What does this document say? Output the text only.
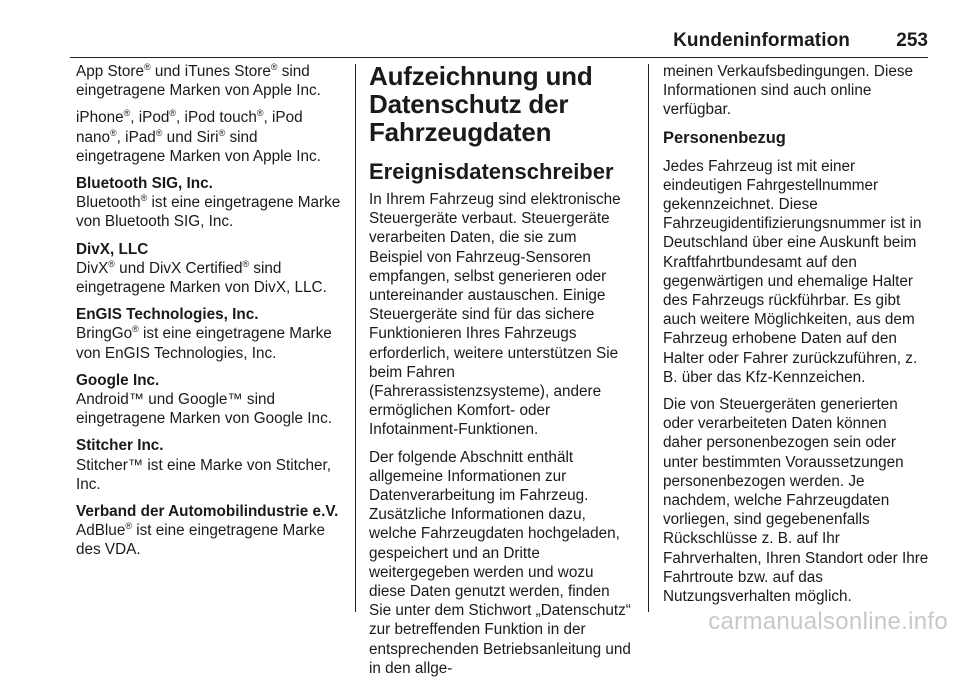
Kundeninformation 253

App Store® und iTunes Store® sind eingetragene Marken von Apple Inc.

iPhone®, iPod®, iPod touch®, iPod nano®, iPad® und Siri® sind eingetragene Marken von Apple Inc.

Bluetooth SIG, Inc.
Bluetooth® ist eine eingetragene Marke von Bluetooth SIG, Inc.

DivX, LLC
DivX® und DivX Certified® sind eingetragene Marken von DivX, LLC.

EnGIS Technologies, Inc.
BringGo® ist eine eingetragene Marke von EnGIS Technologies, Inc.

Google Inc.
Android™ und Google™ sind eingetragene Marken von Google Inc.

Stitcher Inc.
Stitcher™ ist eine Marke von Stitcher, Inc.

Verband der Automobilindustrie e.V.
AdBlue® ist eine eingetragene Marke des VDA.

Aufzeichnung und Datenschutz der Fahrzeugdaten
Ereignisdatenschreiber

In Ihrem Fahrzeug sind elektronische Steuergeräte verbaut. Steuergeräte verarbeiten Daten, die sie zum Beispiel von Fahrzeug-Sensoren empfangen, selbst generieren oder untereinander austauschen. Einige Steuergeräte sind für das sichere Funktionieren Ihres Fahrzeugs erforderlich, weitere unterstützen Sie beim Fahren (Fahrerassistenzsysteme), andere ermöglichen Komfort- oder Infotainment-Funktionen.

Der folgende Abschnitt enthält allgemeine Informationen zur Datenverarbeitung im Fahrzeug. Zusätzliche Informationen dazu, welche Fahrzeugdaten hochgeladen, gespeichert und an Dritte weitergegeben werden und wozu diese Daten genutzt werden, finden Sie unter dem Stichwort „Datenschutz“ zur betreffenden Funktion in der entsprechenden Betriebsanleitung und in den allge-

meinen Verkaufsbedingungen. Diese Informationen sind auch online verfügbar.

Personenbezug

Jedes Fahrzeug ist mit einer eindeutigen Fahrgestellnummer gekennzeichnet. Diese Fahrzeugidentifizierungsnummer ist in Deutschland über eine Auskunft beim Kraftfahrtbundesamt auf den gegenwärtigen und ehemalige Halter des Fahrzeugs rückführbar. Es gibt auch weitere Möglichkeiten, aus dem Fahrzeug erhobene Daten auf den Halter oder Fahrer zurückzuführen, z. B. über das Kfz-Kennzeichen.

Die von Steuergeräten generierten oder verarbeiteten Daten können daher personenbezogen sein oder unter bestimmten Voraussetzungen personenbezogen werden. Je nachdem, welche Fahrzeugdaten vorliegen, sind gegebenenfalls Rückschlüsse z. B. auf Ihr Fahrverhalten, Ihren Standort oder Ihre Fahrtroute bzw. auf das Nutzungsverhalten möglich.

carmanualsonline.info
